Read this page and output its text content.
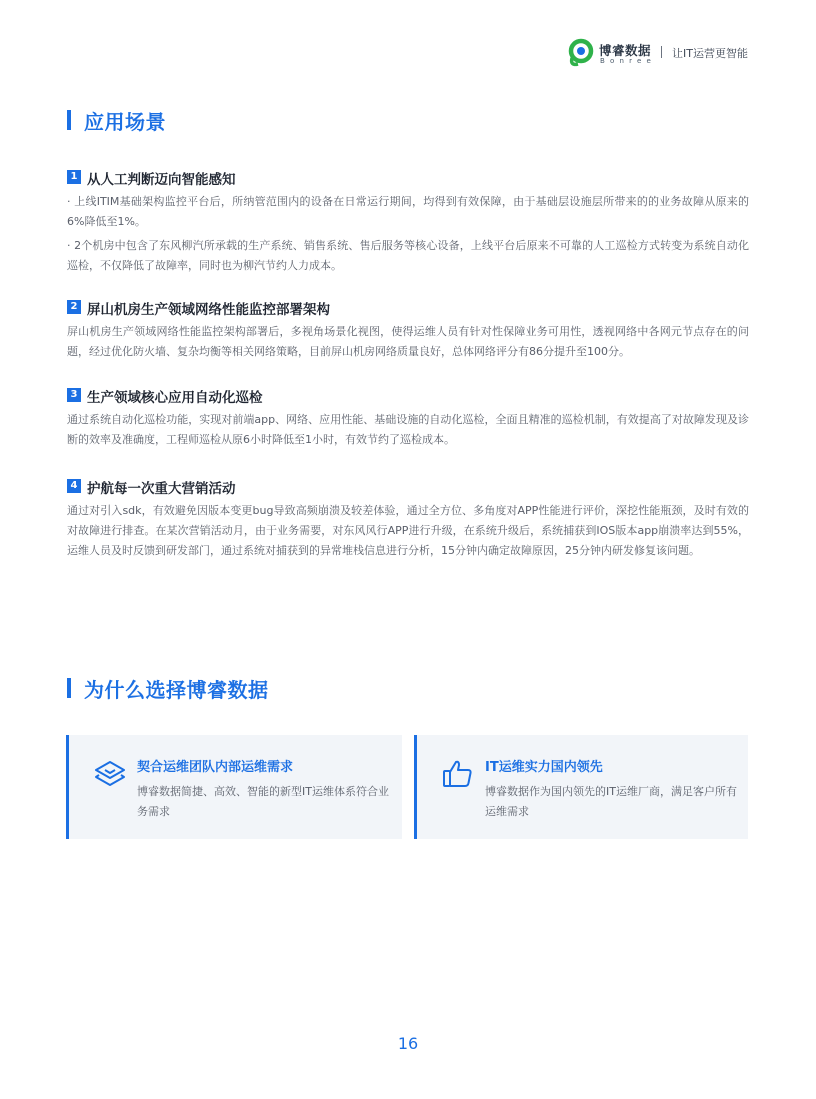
博睿数据
Bonree
让IT运营更智能
应用场景
1 从人工判断迈向智能感知
· 上线ITIM基础架构监控平台后，所纳管范围内的设备在日常运行期间，均得到有效保障，由于基础层设施层所带来的的业务故障从原来的6%降低至1%。
· 2个机房中包含了东风柳汽所承载的生产系统、销售系统、售后服务等核心设备，上线平台后原来不可靠的人工巡检方式转变为系统自动化巡检，不仅降低了故障率，同时也为柳汽节约人力成本。
2 屏山机房生产领域网络性能监控部署架构
屏山机房生产领域网络性能监控架构部署后，多视角场景化视图，使得运维人员有针对性保障业务可用性，透视网络中各网元节点存在的问题，经过优化防火墙、复杂均衡等相关网络策略，目前屏山机房网络质量良好，总体网络评分有86分提升至100分。
3 生产领域核心应用自动化巡检
通过系统自动化巡检功能，实现对前端app、网络、应用性能、基础设施的自动化巡检，全面且精准的巡检机制，有效提高了对故障发现及诊断的效率及准确度，工程师巡检从原6小时降低至1小时，有效节约了巡检成本。
4 护航每一次重大营销活动
通过对引入sdk，有效避免因版本变更bug导致高频崩溃及较差体验，通过全方位、多角度对APP性能进行评价，深挖性能瓶颈，及时有效的对故障进行排查。在某次营销活动月，由于业务需要，对东风风行APP进行升级，在系统升级后，系统捕获到IOS版本app崩溃率达到55%，运维人员及时反馈到研发部门，通过系统对捕获到的异常堆栈信息进行分析，15分钟内确定故障原因，25分钟内研发修复该问题。
为什么选择博睿数据
契合运维团队内部运维需求
博睿数据简捷、高效、智能的新型IT运维体系符合业务需求
IT运维实力国内领先
博睿数据作为国内领先的IT运维厂商，满足客户所有运维需求
16
